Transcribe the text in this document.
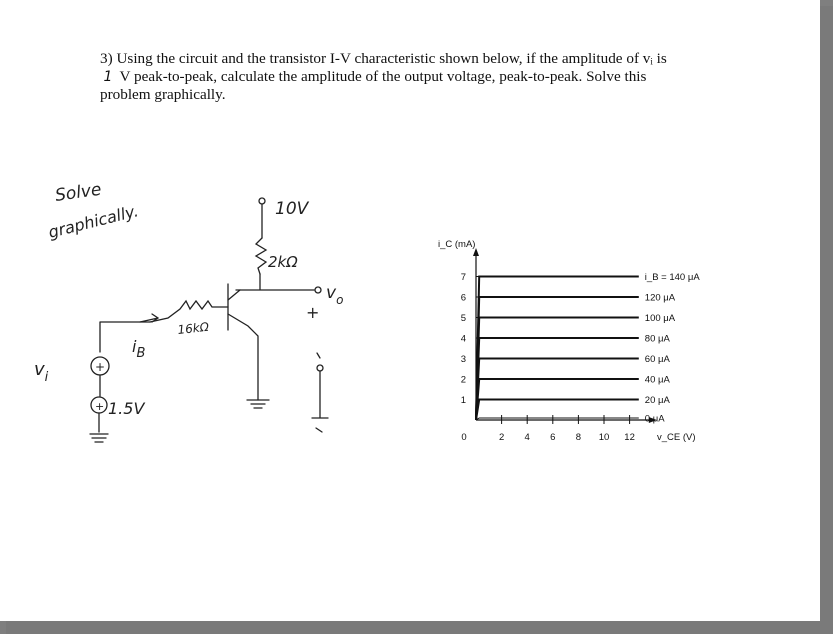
3) Using the circuit and the transistor I-V characteristic shown below, if the amplitude of vᵢ is
1 V peak-to-peak, calculate the amplitude of the output voltage, peak-to-peak. Solve this
problem graphically.
Solve
graphically.	10V
2kΩ
16kΩ
$i_B$
$v_o$
+
$v_i$
+
+ 1.5V
0	2 4 6 8 10 12
1
2
3
4
5
6
7	i_B = 140 μA
120 μA
100 μA
80 μA
60 μA
40 μA
20 μA
0 μA
i_C (mA)
v_CE (V)
